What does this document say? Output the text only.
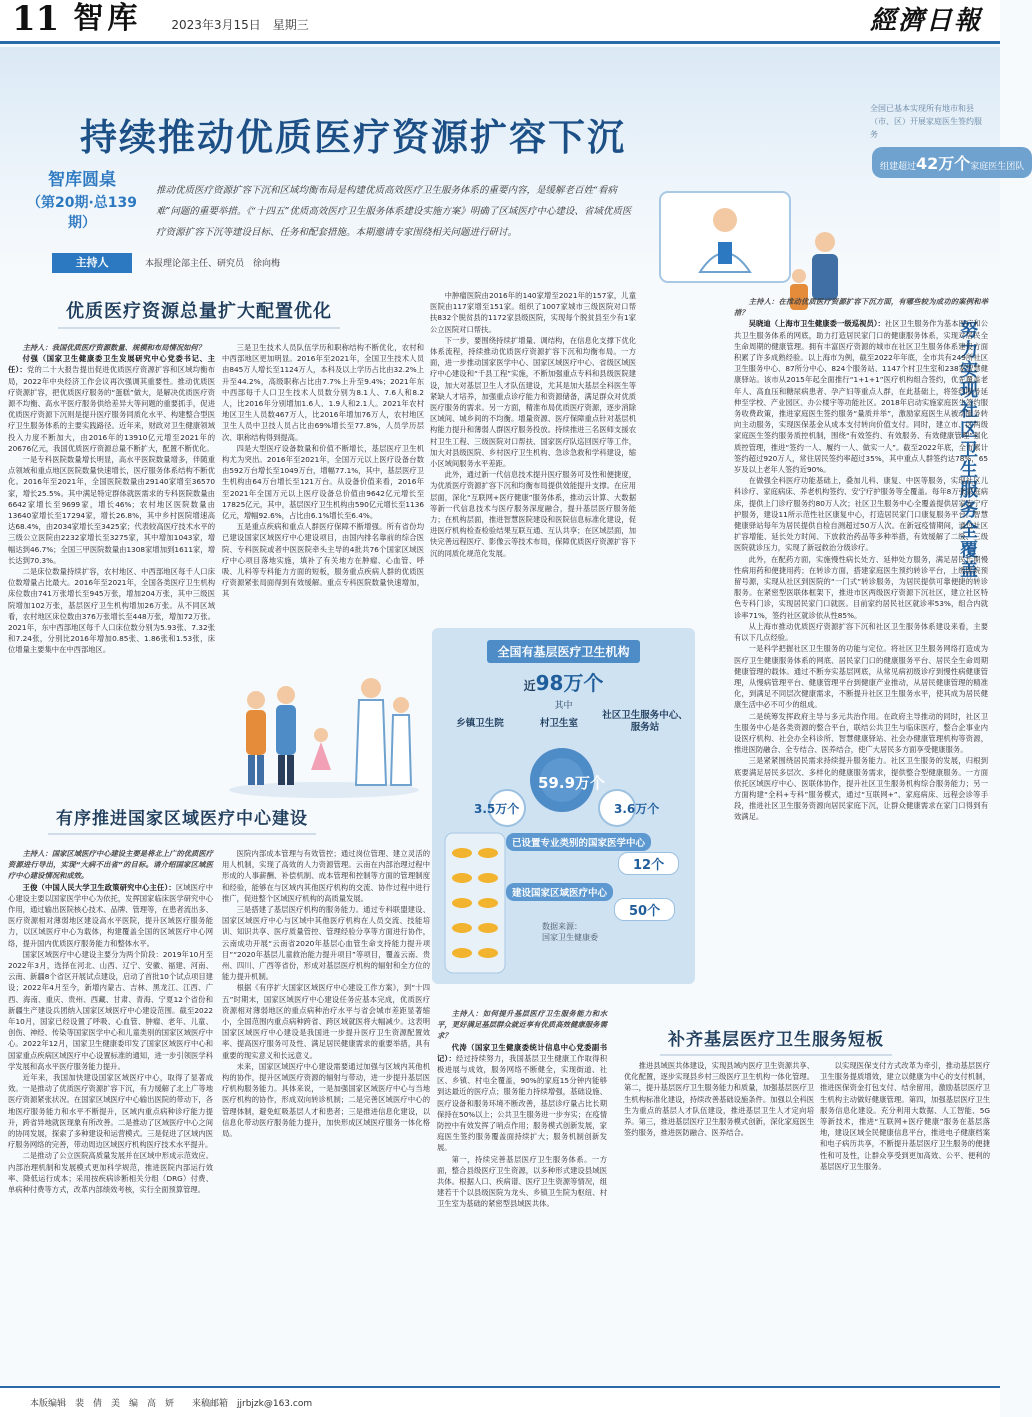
11 智库	2023年3月15日　星期三	經濟日報
持续推动优质医疗资源扩容下沉
全国已基本实现所有地市和县（市、区）开展家庭医生签约服务
组建超过42万个家庭医生团队
智库圆桌
（第20期·总139期）
推动优质医疗资源扩容下沉和区域均衡布局是构建优质高效医疗卫生服务体系的重要内容，是缓解老百姓“看病难”问题的重要举措。《“十四五”优质高效医疗卫生服务体系建设实施方案》明确了区域医疗中心建设、省域优质医疗资源扩容下沉等建设目标、任务和配套措施。本期邀请专家围绕相关问题进行研讨。
主持人	本报理论部主任、研究员　徐向梅
优质医疗资源总量扩大配置优化
有序推进国家区域医疗中心建设
补齐基层医疗卫生服务短板
努力实现社区卫生服务全覆盖

主持人：我国优质医疗资源数量、规模和布局情况如何？

付强（国家卫生健康委卫生发展研究中心党委书记、主任）：党的二十大报告提出促进优质医疗资源扩容和区域均衡布局，2022年中央经济工作会议再次强调其重要性。推动优质医疗资源扩容，把优质医疗服务的“蛋糕”做大，是解决优质医疗资源不均衡、高水平医疗服务供给差异大等问题的重要抓手，促进优质医疗资源下沉则是提升医疗服务同质化水平、构建整合型医疗卫生服务体系的主要实践路径。近年来，财政对卫生健康领域投入力度不断加大，由2016年的13910亿元增至2021年的20676亿元，我国优质医疗资源总量不断扩大，配置不断优化。

一是专科医院数量增长明显，高水平医院数量增多，伴随重点领域和重点地区医院数量快速增长，医疗服务体系结构不断优化。2016年至2021年，全国医院数量由29140家增至36570家，增长25.5%。其中满足特定群体就医需求的专科医院数量由6642家增长至9699家，增长46%；农村地区医院数量由13640家增长至17294家，增长26.8%，其中乡村医院增速高达68.4%，由2034家增长至3425家；代表较高医疗技术水平的三级公立医院由2232家增长至3275家，其中增加1043家，增幅达到46.7%；全国三甲医院数量由1308家增加到1611家，增长达到70.3%。

二是床位数量持续扩容，农村地区、中西部地区每千人口床位数增量占比最大。2016年至2021年，全国各类医疗卫生机构床位数由741万张增长至945万张，增加204万张，其中三级医院增加102万张，基层医疗卫生机构增加26万张。从不同区域看，农村地区床位数由376万张增长至448万张，增加72万张。2021年，东中西部地区每千人口床位数分别为5.93张、7.32张和7.24张，分别比2016年增加0.85张、1.86张和1.53张，床位增量主要集中在中西部地区。

三是卫生技术人员队伍学历和职称结构不断优化，农村和中西部地区更加明显。2016年至2021年，全国卫生技术人员由845万人增长至1124万人，本科及以上学历占比由32.2%上升至44.2%，高级职称占比由7.7%上升至9.4%；2021年东中西部每千人口卫生技术人员数分别为8.1人、7.6人和8.2人，比2016年分别增加1.6人、1.9人和2.1人。2021年农村地区卫生人员数467万人，比2016年增加76万人，农村地区卫生人员中卫技人员占比由69%增长至77.8%，人员学历层次、职称结构得到提高。

四是大型医疗设备数量和价值不断增长，基层医疗卫生机构尤为突出。2016年至2021年，全国万元以上医疗设备台数由592万台增长至1049万台，增幅77.1%，其中，基层医疗卫生机构由64万台增长至121万台。从设备价值来看，2016年至2021年全国万元以上医疗设备总价值由9642亿元增长至17825亿元，其中，基层医疗卫生机构由590亿元增长至1136亿元，增幅92.6%，占比由6.1%增长至6.4%。

五是重点疾病和重点人群医疗保障不断增强。所有省份均已建设国家区域医疗中心建设项目，由国内排名靠前的综合医院、专科医院或者中医医院牵头主导的4批共76个国家区域医疗中心项目落地实施，填补了有关地方在肿瘤、心血管、呼吸、儿科等专科能力方面的短板，服务重点疾病人群的优质医疗资源紧张局面得到有效缓解。重点专科医院数量快速增加，其

中肿瘤医院由2016年的140家增至2021年的157家，儿童医院由117家增至151家。组织了1007家城市三级医院对口帮扶832个脱贫县的1172家县级医院，实现每个脱贫县至少有1家公立医院对口帮扶。

下一步，要围绕持续扩增量、调结构，在信息化支撑下优化体系流程，持续推动优质医疗资源扩容下沉和均衡布局。一方面，进一步推动国家医学中心、国家区域医疗中心、省级区域医疗中心建设和“千县工程”实施，不断加强重点专科和县级医院建设，加大对基层卫生人才队伍建设，尤其是加大基层全科医生等紧缺人才培养，加强重点诊疗能力和资源储备，满足群众对优质医疗服务的需求。另一方面，精准布局优质医疗资源，逐步消除区域间、城乡间的不均衡。增量资源、医疗保障重点针对基层机构能力提升和薄弱人群医疗服务投放。持续推进三名医师支援农村卫生工程、三级医院对口帮扶、国家医疗队巡回医疗等工作，加大对县级医院、乡村医疗卫生机构、急诊急救和学科建设，缩小区域间服务水平差距。

此外，通过新一代信息技术提升医疗服务可及性和便捷度，为优质医疗资源扩容下沉和均衡布局提供效能提升支撑。在应用层面，深化“互联网+医疗健康”服务体系，推动云计算、大数据等新一代信息技术与医疗服务深度融合，提升基层医疗服务能力；在机构层面，推进智慧医院建设和医院信息标准化建设，促进医疗机构检查检验结果互联互通、互认共享；在区域层面，加快完善远程医疗、影像云等技术布局，保障优质医疗资源扩容下沉的同质化规范化发展。

全国有基层医疗卫生机构
近98万个
其中
乡镇卫生院	村卫生室
社区卫生服务中心、服务站
3.5万个
59.9万个
3.6万个
已设置专业类别的国家医学中心
12个
建设国家区域医疗中心
50个
数据来源：
国家卫生健康委

主持人：在推动优质医疗资源扩容下沉方面，有哪些较为成功的案例和举措？

吴晓迪（上海市卫生健康委一级巡视员）：社区卫生服务作为基本医疗和公共卫生服务体系的网底，助力打造居民家门口的健康服务体系，实现对居民全生命周期的健康管理。拥有丰富医疗资源的城市在社区卫生服务体系建设方面积累了许多成熟经验。以上海市为例，截至2022年年底，全市共有249所社区卫生服务中心、87所分中心、824个服务站、1147个村卫生室和238家智慧健康驿站。该市从2015年起全面推行“1+1+1”医疗机构组合签约，优先覆盖老年人、高血压和糖尿病患者、孕产妇等重点人群，在此基础上，将签约服务延伸至学校、产业园区、办公楼宇等功能社区。2018年启动实施家庭医生签约服务收费政策，推进家庭医生签约服务“量质并举”，激励家庭医生从被动服务转向主动服务，实现医保基金从成本支付转向价值支付。同时，建立市、区两级家庭医生签约服务质控机制，围绕“有效签约、有效服务、有效健康管理”强化质控管理，推进“签约一人、履约一人、做实一人”。截至2022年底，全市累计签约超过920万人，常住居民签约率超过35%，其中重点人群签约达78%，65岁及以上老年人签约近90%。

在做强全科医疗功能基础上，叠加儿科、康复、中医等服务，实现社区儿科诊疗、家庭病床、养老机构签约、安宁疗护服务等全覆盖。每年8万张家庭病床，提供上门诊疗服务约80万人次；社区卫生服务中心全覆盖提供居家安宁疗护服务，建设11所示范性社区康复中心，打造居民家门口康复服务平台。智慧健康驿站每年为居民提供自检自测超过50万人次。在新冠疫情期间，通过社区扩容增能、延长处方时间、下放救治药品等多种举措，有效缓解了二级、三级医院就诊压力，实现了新冠救治分级诊疗。

此外，在配药方面，实施慢性病长处方、延伸处方服务，满足居民长期慢性病用药和便捷用药；在转诊方面，搭建家庭医生预约转诊平台，上级医院预留号源，实现从社区到医院的“一门式”转诊服务，为居民提供可靠便捷的转诊服务。在紧密型医联体框架下，推进市区两级医疗资源下沉社区，建立社区特色专科门诊，实现居民家门口就医。目前家约居民社区就诊率53%，组合内就诊率71%，签约社区就诊依从性85%。

从上海市推动优质医疗资源扩容下沉和社区卫生服务体系建设来看，主要有以下几点经验。

一是科学把握社区卫生服务的功能与定位。将社区卫生服务网络打造成为医疗卫生健康服务体系的网底、居民家门口的健康服务平台、居民全生命周期健康管理的载体。通过不断夯实基层网底，从常见病初级诊疗到慢性病健康管理，从慢病管理平台、健康管理平台到健康产业推动，从居民健康管理的精准化，到满足不同层次健康需求，不断提升社区卫生服务水平，使其成为居民健康生活中必不可少的组成。

二是统筹发挥政府主导与多元共治作用。在政府主导推动的同时，社区卫生服务中心是各类资源的整合平台，联结公共卫生与临床医疗，整合企事业内设医疗机构、社会办全科诊所、智慧健康驿站、社会办健康管理机构等资源，推进医防融合、全专结合、医养结合，使广大居民多方面享受健康服务。

三是紧紧围绕居民需求持续提升服务能力。社区卫生服务的发展，归根到底要满足居民多层次、多样化的健康服务需求，提供整合型健康服务。一方面依托区域医疗中心、医联体协作，提升社区卫生服务机构综合服务能力；另一方面构建“全科+专科”服务模式，通过“互联网+”、家庭病床、远程会诊等手段，推进社区卫生服务资源向居民家庭下沉，让群众健康需求在家门口得到有效满足。

主持人：国家区域医疗中心建设主要是将北上广的优质医疗资源进行导出，实现“大病不出省”的目标。请介绍国家区域医疗中心建设情况和成效。

王俊（中国人民大学卫生政策研究中心主任）：区域医疗中心建设主要以国家医学中心为依托，发挥国家临床医学研究中心作用，通过输出医院核心技术、品牌、管理等，在患者流出多、医疗资源相对薄弱地区建设高水平医院，提升区域医疗服务能力，以区域医疗中心为载体，构建覆盖全国的区域医疗中心网络，提升国内优质医疗服务能力和整体水平。

国家区域医疗中心建设主要分为两个阶段：2019年10月至2022年3月，选择在河北、山西、辽宁、安徽、福建、河南、云南、新疆8个省区开展试点建设，启动了首批10个试点项目建设；2022年4月至今，新增内蒙古、吉林、黑龙江、江西、广西、海南、重庆、贵州、西藏、甘肃、青海、宁夏12个省份和新疆生产建设兵团纳入国家区域医疗中心建设范围。截至2022年10月，国家已经设置了呼吸、心血管、肿瘤、老年、儿童、创伤、神经、传染等国家医学中心和儿童类别的国家区域医疗中心。2022年12月，国家卫生健康委印发了国家区域医疗中心和国家重点疾病区域医疗中心设置标准的通知，进一步引领医学科学发展和高水平医疗服务能力提升。

近年来，我国加快建设国家区域医疗中心，取得了显著成效。一是推动了优质医疗资源扩容下沉，有力缓解了北上广等地医疗资源紧张状况。在国家区域医疗中心输出医院的带动下，各地医疗服务能力和水平不断提升，区域内重点病种诊疗能力提升，跨省异地就医现象有所改善。二是推动了区域医疗中心之间的协同发展，探索了多种建设和运营模式。三是促进了区域内医疗服务网络的完善，带动周边区域医疗机构医疗技术水平提升。

二是推动了公立医院高质量发展并在区域中形成示范效应。内部治理机制和发展模式更加科学规范，推进医院内部运行效率、降低运行成本；采用按疾病诊断相关分组（DRG）付费、单病种付费等方式，改革内部绩效考核，实行全面预算管理。

医院内部成本管理与有效管控；通过岗位管理、建立灵活的用人机制，实现了高效的人力资源管理。云南在内部治理过程中形成的人事薪酬、补偿机制、成本管理和控制等方面的管理制度和经验，能够在与区域内其他医疗机构的交流、协作过程中进行推广，促进整个区域医疗机构的高质量发展。

三是搭建了基层医疗机构的服务能力。通过专科联盟建设、国家区域医疗中心与区域中其他医疗机构在人员交流、技能培训、知识共享、医疗质量管控、管理经验分享等方面进行协作，云南成功开展“云南省2020年基层心血管生命支持能力提升项目”“2020年基层儿童救治能力提升项目”等项目，覆盖云南、贵州、四川、广西等省份，形成对基层医疗机构的辐射和全方位的能力提升机制。

根据《有序扩大国家区域医疗中心建设工作方案》，到“十四五”时期末，国家区域医疗中心建设任务应基本完成，优质医疗资源相对薄弱地区的重点病种治疗水平与省会城市差距显著缩小，全国范围内重点病种跨省、跨区域就医将大幅减少。这表明国家区域医疗中心建设是我国进一步提升医疗卫生资源配置效率、提高医疗服务可及性、满足居民健康需求的重要举措，具有重要的现实意义和长远意义。

未来，国家区域医疗中心建设需要通过加强与区域内其他机构的协作，提升区域医疗资源的辐射与带动，进一步提升基层医疗机构服务能力。具体来说，一是加强国家区域医疗中心与当地医疗机构的协作，形成双向转诊机制；二是完善区域医疗中心的管理体制，避免虹吸基层人才和患者；三是推进信息化建设，以信息化带动医疗服务能力提升，加快形成区域医疗服务一体化格局。

主持人：如何提升基层医疗卫生服务能力和水平，更好满足基层群众就近享有优质高效健康服务需求？

代涛（国家卫生健康委统计信息中心党委副书记）：经过持续努力，我国基层卫生健康工作取得积极进展与成效，服务网络不断健全，实现街道、社区、乡镇、村屯全覆盖，90%的家庭15分钟内能够到达最近的医疗点；服务能力持续增强，基础设施、医疗设备和服务环境不断改善，基层诊疗量占比长期保持在50%以上；公共卫生服务进一步夯实；在疫情防控中有效发挥了哨点作用；服务模式创新发展，家庭医生签约服务覆盖面持续扩大；服务机制创新发展。

第一，持续完善基层医疗卫生服务体系。一方面，整合县级医疗卫生资源，以多种形式建设县域医共体。根据人口、疾病谱、医疗卫生资源等情况，组建若干个以县级医院为龙头、乡镇卫生院为枢纽、村卫生室为基础的紧密型县域医共体。

推进县域医共体建设，实现县域内医疗卫生资源共享、优化配置，逐步实现县乡村三级医疗卫生机构一体化管理。第二，提升基层医疗卫生服务能力和质量，加强基层医疗卫生机构标准化建设，持续改善基础设施条件。加强以全科医生为重点的基层人才队伍建设，推进基层卫生人才定向培养。第三，推进基层医疗卫生服务模式创新，深化家庭医生签约服务，推进医防融合、医养结合。

以实现医保支付方式改革为牵引，推动基层医疗卫生服务提质增效，建立以健康为中心的支付机制，推进医保资金打包支付、结余留用，激励基层医疗卫生机构主动做好健康管理。第四，加强基层医疗卫生服务信息化建设。充分利用大数据、人工智能、5G等新技术，推进“互联网+医疗健康”服务在基层落地，建设区域全民健康信息平台，推进电子健康档案和电子病历共享，不断提升基层医疗卫生服务的便捷性和可及性，让群众享受到更加高效、公平、便利的基层医疗卫生服务。

本版编辑　裴　倩　美　编　高　妍　　来稿邮箱　jjrbjzk@163.com
